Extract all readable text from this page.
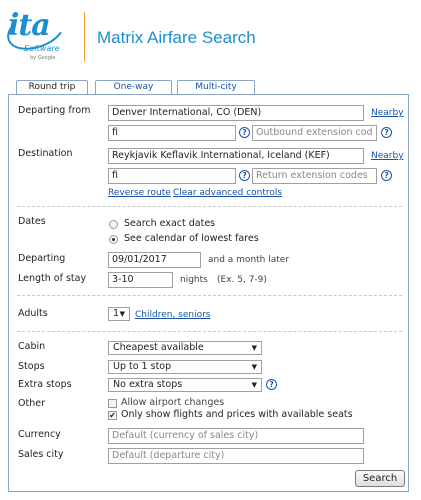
ita
Software
by Google
Matrix Airfare Search
Round trip	One-way	Multi-city
Departing from	Denver International, CO (DEN)	Nearby
fi	? Outbound extension cod	?
Destination	Reykjavik Keflavik International, Iceland (KEF)	Nearby
fi	? Return extension codes	?
Reverse route Clear advanced controls
Dates	Search exact dates
See calendar of lowest fares
Departing	09/01/2017	and a month later
Length of stay	3-10	nights (Ex. 5, 7-9)
Adults	1 ▼ Children, seniors
Cabin	Cheapest available	▼
Stops	Up to 1 stop	▼
Extra stops	No extra stops	▼	?
Other	Allow airport changes
✔ Only show flights and prices with available seats
Currency	Default (currency of sales city)
Sales city	Default (departure city)
Search
